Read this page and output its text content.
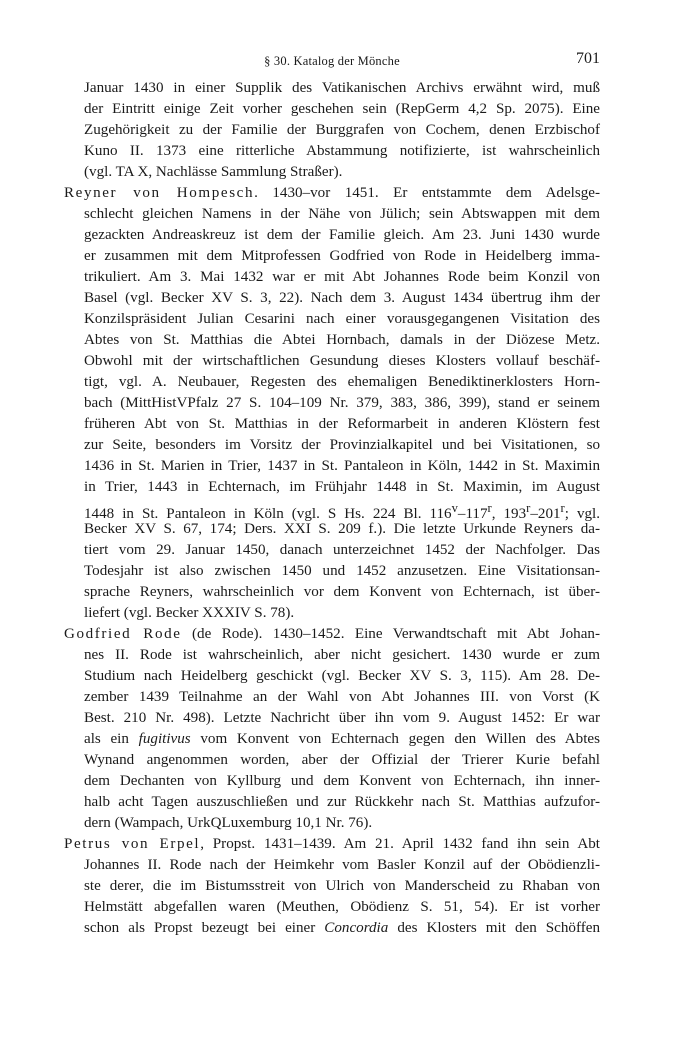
§ 30. Katalog der Mönche	701
Januar 1430 in einer Supplik des Vatikanischen Archivs erwähnt wird, muß
der Eintritt einige Zeit vorher geschehen sein (RepGerm 4,2 Sp. 2075). Eine
Zugehörigkeit zu der Familie der Burggrafen von Cochem, denen Erzbischof
Kuno II. 1373 eine ritterliche Abstammung notifizierte, ist wahrscheinlich
(vgl. TA X, Nachlässe Sammlung Straßer).
Reyner von Hompesch. 1430–vor 1451. Er entstammte dem Adelsge-
schlecht gleichen Namens in der Nähe von Jülich; sein Abtswappen mit dem
gezackten Andreaskreuz ist dem der Familie gleich. Am 23. Juni 1430 wurde
er zusammen mit dem Mitprofessen Godfried von Rode in Heidelberg imma-
trikuliert. Am 3. Mai 1432 war er mit Abt Johannes Rode beim Konzil von
Basel (vgl. Becker XV S. 3, 22). Nach dem 3. August 1434 übertrug ihm der
Konzilspräsident Julian Cesarini nach einer vorausgegangenen Visitation des
Abtes von St. Matthias die Abtei Hornbach, damals in der Diözese Metz.
Obwohl mit der wirtschaftlichen Gesundung dieses Klosters vollauf beschäf-
tigt, vgl. A. Neubauer, Regesten des ehemaligen Benediktinerklosters Horn-
bach (MittHistVPfalz 27 S. 104–109 Nr. 379, 383, 386, 399), stand er seinem
früheren Abt von St. Matthias in der Reformarbeit in anderen Klöstern fest
zur Seite, besonders im Vorsitz der Provinzialkapitel und bei Visitationen, so
1436 in St. Marien in Trier, 1437 in St. Pantaleon in Köln, 1442 in St. Maximin
in Trier, 1443 in Echternach, im Frühjahr 1448 in St. Maximin, im August
1448 in St. Pantaleon in Köln (vgl. S Hs. 224 Bl. 116$^v$–117$^r$, 193$^r$–201$^r$; vgl.
Becker XV S. 67, 174; Ders. XXI S. 209 f.). Die letzte Urkunde Reyners da-
tiert vom 29. Januar 1450, danach unterzeichnet 1452 der Nachfolger. Das
Todesjahr ist also zwischen 1450 und 1452 anzusetzen. Eine Visitationsan-
sprache Reyners, wahrscheinlich vor dem Konvent von Echternach, ist über-
liefert (vgl. Becker XXXIV S. 78).
Godfried Rode (de Rode). 1430–1452. Eine Verwandtschaft mit Abt Johan-
nes II. Rode ist wahrscheinlich, aber nicht gesichert. 1430 wurde er zum
Studium nach Heidelberg geschickt (vgl. Becker XV S. 3, 115). Am 28. De-
zember 1439 Teilnahme an der Wahl von Abt Johannes III. von Vorst (K
Best. 210 Nr. 498). Letzte Nachricht über ihn vom 9. August 1452: Er war
als ein fugitivus vom Konvent von Echternach gegen den Willen des Abtes
Wynand angenommen worden, aber der Offizial der Trierer Kurie befahl
dem Dechanten von Kyllburg und dem Konvent von Echternach, ihn inner-
halb acht Tagen auszuschließen und zur Rückkehr nach St. Matthias aufzufor-
dern (Wampach, UrkQLuxemburg 10,1 Nr. 76).
Petrus von Erpel, Propst. 1431–1439. Am 21. April 1432 fand ihn sein Abt
Johannes II. Rode nach der Heimkehr vom Basler Konzil auf der Obödienzli-
ste derer, die im Bistumsstreit von Ulrich von Manderscheid zu Rhaban von
Helmstätt abgefallen waren (Meuthen, Obödienz S. 51, 54). Er ist vorher
schon als Propst bezeugt bei einer Concordia des Klosters mit den Schöffen
